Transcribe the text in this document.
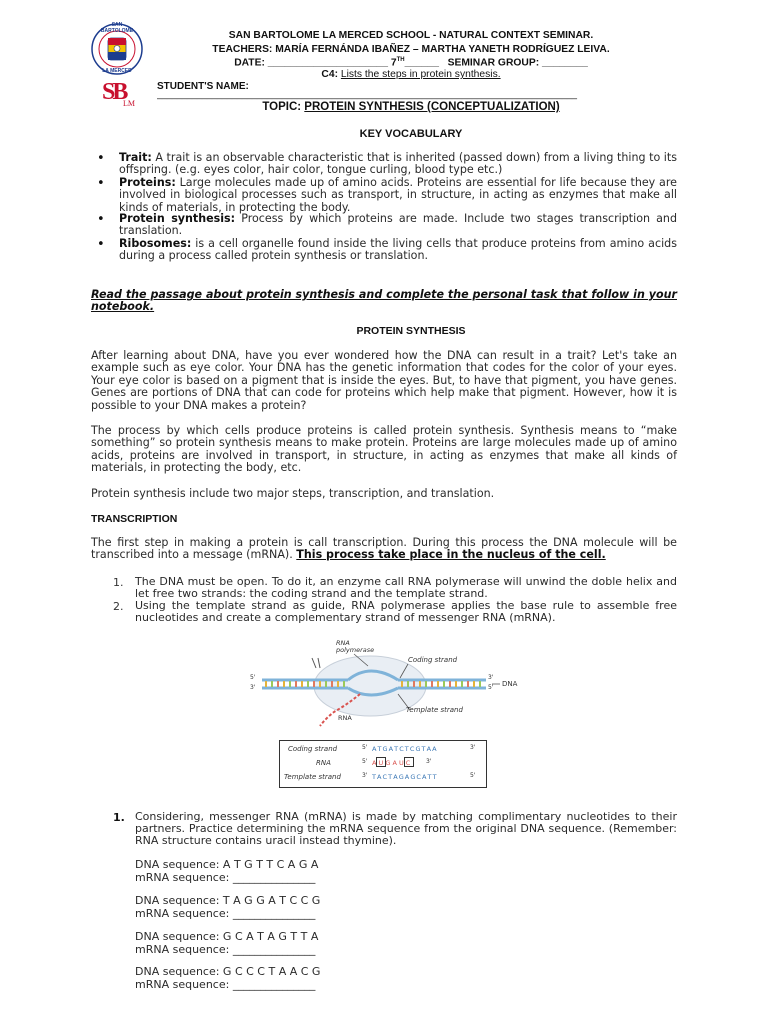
SAN BARTOLOME
LA MERCED
SB
LM
SAN BARTOLOME LA MERCED SCHOOL - NATURAL CONTEXT SEMINAR.
TEACHERS: MARÍA FERNÁNDA IBAÑEZ – MARTHA YANETH RODRÍGUEZ LEIVA.
DATE: _____________________ 7TH______ SEMINAR GROUP: ________
C4: Lists the steps in protein synthesis.
STUDENT'S NAME:
____________________________________________________________________________________
TOPIC: PROTEIN SYNTHESIS (CONCEPTUALIZATION)
KEY VOCABULARY
• Trait: A trait is an observable characteristic that is inherited (passed down) from a living thing to its offspring. (e.g. eyes color, hair color, tongue curling, blood type etc.)
• Proteins: Large molecules made up of amino acids. Proteins are essential for life because they are involved in biological processes such as transport, in structure, in acting as enzymes that make all kinds of materials, in protecting the body.
• Protein synthesis: Process by which proteins are made. Include two stages transcription and translation.
• Ribosomes: is a cell organelle found inside the living cells that produce proteins from amino acids during a process called protein synthesis or translation.
Read the passage about protein synthesis and complete the personal task that follow in your notebook.
PROTEIN SYNTHESIS
After learning about DNA, have you ever wondered how the DNA can result in a trait? Let's take an example such as eye color. Your DNA has the genetic information that codes for the color of your eyes. Your eye color is based on a pigment that is inside the eyes. But, to have that pigment, you have genes. Genes are portions of DNA that can code for proteins which help make that pigment. However, how it is possible to your DNA makes a protein?
The process by which cells produce proteins is called protein synthesis. Synthesis means to “make something” so protein synthesis means to make protein. Proteins are large molecules made up of amino acids, proteins are involved in transport, in structure, in acting as enzymes that make all kinds of materials, in protecting the body, etc.
Protein synthesis include two major steps, transcription, and translation.
TRANSCRIPTION
The first step in making a protein is call transcription. During this process the DNA molecule will be transcribed into a message (mRNA). This process take place in the nucleus of the cell.
1. The DNA must be open. To do it, an enzyme call RNA polymerase will unwind the doble helix and let free two strands: the coding strand and the template strand.
2. Using the template strand as guide, RNA polymerase applies the base rule to assemble free nucleotides and create a complementary strand of messenger RNA (mRNA).
RNA polymerase
Coding strand
DNA
Template strand
RNA
5'
3'
3'
5'
Coding strand	5' A T G A T C T C G T A A	3'
RNA	5' A U G A U C	3'
Template strand	3' T A C T A G A G C A T T	5'
1. Considering, messenger RNA (mRNA) is made by matching complimentary nucleotides to their partners. Practice determining the mRNA sequence from the original DNA sequence. (Remember: RNA structure contains uracil instead thymine).
DNA sequence: A T G T T C A G A
mRNA sequence: _______________
DNA sequence: T A G G A T C C G
mRNA sequence: _______________
DNA sequence: G C A T A G T T A
mRNA sequence: _______________
DNA sequence: G C C C T A A C G
mRNA sequence: _______________
